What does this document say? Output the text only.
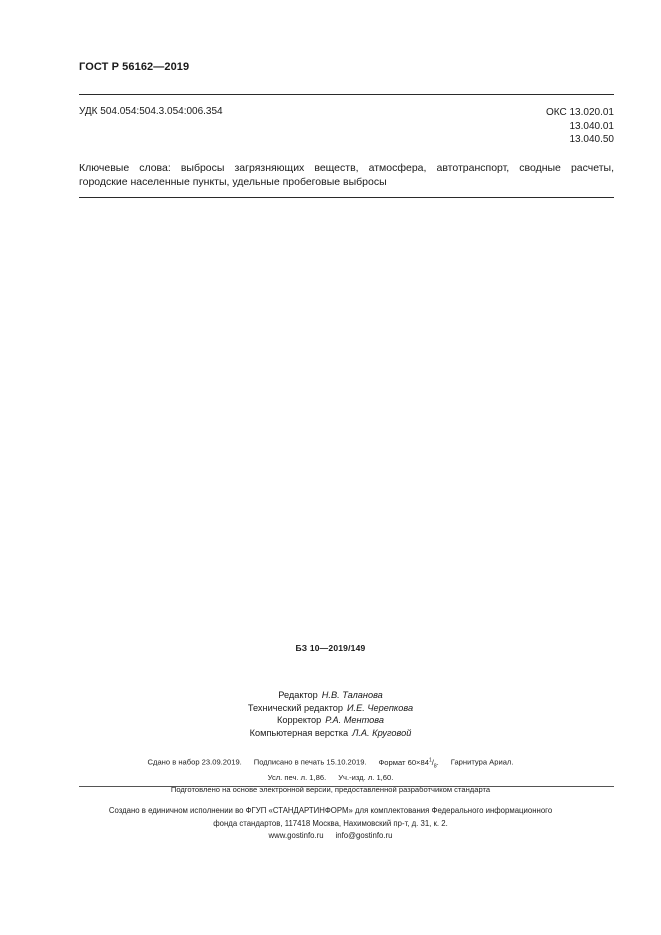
ГОСТ Р 56162—2019
УДК 504.054:504.3.054:006.354	ОКС 13.020.01
13.040.01
13.040.50
Ключевые слова: выбросы загрязняющих веществ, атмосфера, автотранспорт, сводные расчеты,
городские населенные пункты, удельные пробеговые выбросы
БЗ 10—2019/149
Редактор Н.В. Таланова
Технический редактор И.Е. Черепкова
Корректор Р.А. Ментова
Компьютерная верстка Л.А. Круговой
Сдано в набор 23.09.2019. Подписано в печать 15.10.2019. Формат $60\times 84^1/_8$. Гарнитура Ариал.
Усл. печ. л. 1,86. Уч.-изд. л. 1,60.
Подготовлено на основе электронной версии, предоставленной разработчиком стандарта
Создано в единичном исполнении во ФГУП «СТАНДАРТИНФОРМ» для комплектования Федерального информационного
фонда стандартов, 117418 Москва, Нахимовский пр-т, д. 31, к. 2.
www.gostinfo.ru info@gostinfo.ru
